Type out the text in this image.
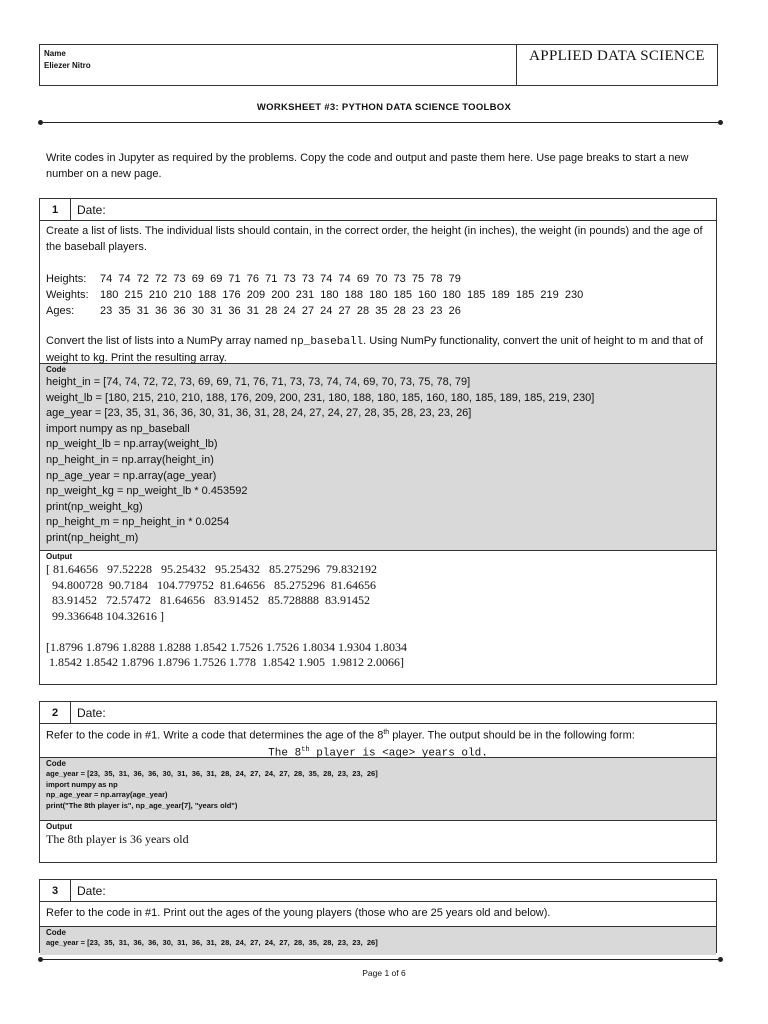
Name
Eliezer Nitro
APPLIED DATA SCIENCE
WORKSHEET #3: PYTHON DATA SCIENCE TOOLBOX
Write codes in Jupyter as required by the problems. Copy the code and output and paste them here. Use page breaks to start a new number on a new page.
1	Date:
Create a list of lists. The individual lists should contain, in the correct order, the height (in inches), the weight (in pounds) and the age of the baseball players.
Heights: 74  74  72  72  73  69  69  71  76  71  73  73  74  74  69  70  73  75  78  79
Weights: 180  215  210  210  188  176  209  200  231  180  188  180  185  160  180  185  189  185  219  230
Ages: 23  35  31  36  36  30  31  36  31  28  24  27  24  27  28  35  28  23  23  26
Convert the list of lists into a NumPy array named np_baseball. Using NumPy functionality, convert the unit of height to m and that of weight to kg. Print the resulting array.
Code
height_in = [74, 74, 72, 72, 73, 69, 69, 71, 76, 71, 73, 73, 74, 74, 69, 70, 73, 75, 78, 79]
weight_lb = [180, 215, 210, 210, 188, 176, 209, 200, 231, 180, 188, 180, 185, 160, 180, 185, 189, 185, 219, 230]
age_year = [23, 35, 31, 36, 36, 30, 31, 36, 31, 28, 24, 27, 24, 27, 28, 35, 28, 23, 23, 26]
import numpy as np_baseball
np_weight_lb = np.array(weight_lb)
np_height_in = np.array(height_in)
np_age_year = np.array(age_year)
np_weight_kg = np_weight_lb * 0.453592
print(np_weight_kg)
np_height_m = np_height_in * 0.0254
print(np_height_m)
Output
[ 81.64656   97.52228   95.25432   95.25432   85.275296  79.832192
94.800728  90.7184   104.779752  81.64656   85.275296  81.64656
83.91452   72.57472   81.64656   83.91452   85.728888  83.91452
99.336648 104.32616 ]

[1.8796 1.8796 1.8288 1.8288 1.8542 1.7526 1.7526 1.8034 1.9304 1.8034
1.8542 1.8542 1.8796 1.8796 1.7526 1.778  1.8542 1.905  1.9812 2.0066]
2	Date:
Refer to the code in #1. Write a code that determines the age of the 8th player. The output should be in the following form:
The 8th player is <age> years old.
Code
age_year = [23,  35,  31,  36,  36,  30,  31,  36,  31,  28,  24,  27,  24,  27,  28,  35,  28,  23,  23,  26]
import numpy as np
np_age_year = np.array(age_year)
print("The 8th player is", np_age_year[7], "years old")
Output
The 8th player is 36 years old
3	Date:
Refer to the code in #1. Print out the ages of the young players (those who are 25 years old and below).
Code
age_year = [23,  35,  31,  36,  36,  30,  31,  36,  31,  28,  24,  27,  24,  27,  28,  35,  28,  23,  23,  26]
Page 1 of 6
